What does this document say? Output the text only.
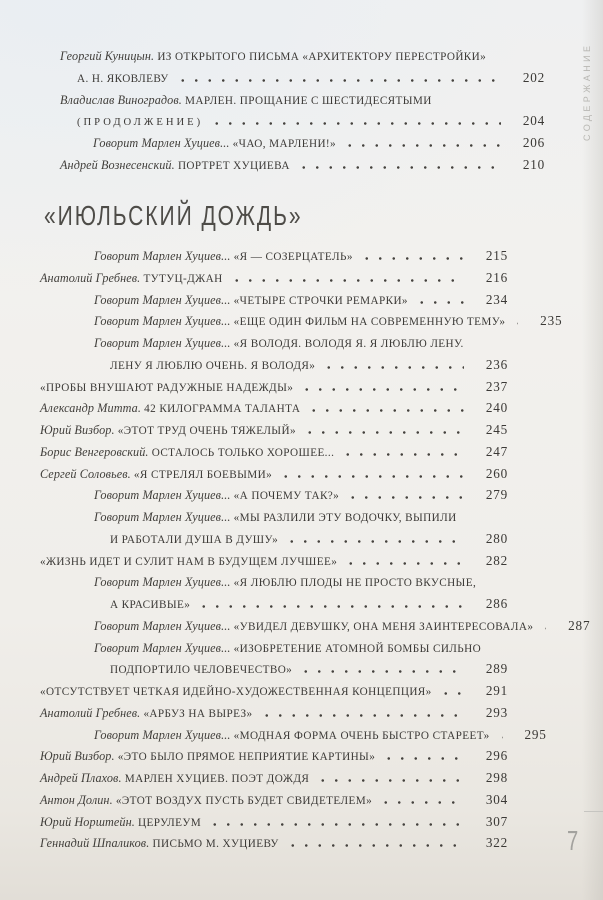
Георгий Куницын. ИЗ ОТКРЫТОГО ПИСЬМА «АРХИТЕКТОРУ ПЕРЕСТРОЙКИ»
А. Н. ЯКОВЛЕВУ	202
Владислав Виноградов. МАРЛЕН. ПРОЩАНИЕ С ШЕСТИДЕСЯТЫМИ
(ПРОДОЛЖЕНИЕ)	204
Говорит Марлен Хуциев... «ЧАО, МАРЛЕНИ!»	206
Андрей Вознесенский. ПОРТРЕТ ХУЦИЕВА	210
«ИЮЛЬСКИЙ ДОЖДЬ»
Говорит Марлен Хуциев... «Я — СОЗЕРЦАТЕЛЬ»	215
Анатолий Гребнев. ТУТУЦ-ДЖАН	216
Говорит Марлен Хуциев... «ЧЕТЫРЕ СТРОЧКИ РЕМАРКИ»	234
Говорит Марлен Хуциев... «ЕЩЕ ОДИН ФИЛЬМ НА СОВРЕМЕННУЮ ТЕМУ»	235
Говорит Марлен Хуциев... «Я ВОЛОДЯ. ВОЛОДЯ Я. Я ЛЮБЛЮ ЛЕНУ.
ЛЕНУ Я ЛЮБЛЮ ОЧЕНЬ. Я ВОЛОДЯ»	236
«ПРОБЫ ВНУШАЮТ РАДУЖНЫЕ НАДЕЖДЫ»	237
Александр Митта. 42 КИЛОГРАММА ТАЛАНТА	240
Юрий Визбор. «ЭТОТ ТРУД ОЧЕНЬ ТЯЖЕЛЫЙ»	245
Борис Венгеровский. ОСТАЛОСЬ ТОЛЬКО ХОРОШЕЕ...	247
Сергей Соловьев. «Я СТРЕЛЯЛ БОЕВЫМИ»	260
Говорит Марлен Хуциев... «А ПОЧЕМУ ТАК?»	279
Говорит Марлен Хуциев... «МЫ РАЗЛИЛИ ЭТУ ВОДОЧКУ, ВЫПИЛИ
И РАБОТАЛИ ДУША В ДУШУ»	280
«ЖИЗНЬ ИДЕТ И СУЛИТ НАМ В БУДУЩЕМ ЛУЧШЕЕ»	282
Говорит Марлен Хуциев... «Я ЛЮБЛЮ ПЛОДЫ НЕ ПРОСТО ВКУСНЫЕ,
А КРАСИВЫЕ»	286
Говорит Марлен Хуциев... «УВИДЕЛ ДЕВУШКУ, ОНА МЕНЯ ЗАИНТЕРЕСОВАЛА»	287
Говорит Марлен Хуциев... «ИЗОБРЕТЕНИЕ АТОМНОЙ БОМБЫ СИЛЬНО
ПОДПОРТИЛО ЧЕЛОВЕЧЕСТВО»	289
«ОТСУТСТВУЕТ ЧЕТКАЯ ИДЕЙНО-ХУДОЖЕСТВЕННАЯ КОНЦЕПЦИЯ»	291
Анатолий Гребнев. «АРБУЗ НА ВЫРЕЗ»	293
Говорит Марлен Хуциев... «МОДНАЯ ФОРМА ОЧЕНЬ БЫСТРО СТАРЕЕТ»	295
Юрий Визбор. «ЭТО БЫЛО ПРЯМОЕ НЕПРИЯТИЕ КАРТИНЫ»	296
Андрей Плахов. МАРЛЕН ХУЦИЕВ. ПОЭТ ДОЖДЯ	298
Антон Долин. «ЭТОТ ВОЗДУХ ПУСТЬ БУДЕТ СВИДЕТЕЛЕМ»	304
Юрий Норштейн. ЦЕРУЛЕУМ	307
Геннадий Шпаликов. ПИСЬМО М. ХУЦИЕВУ	322
СОДЕРЖАНИЕ
7
